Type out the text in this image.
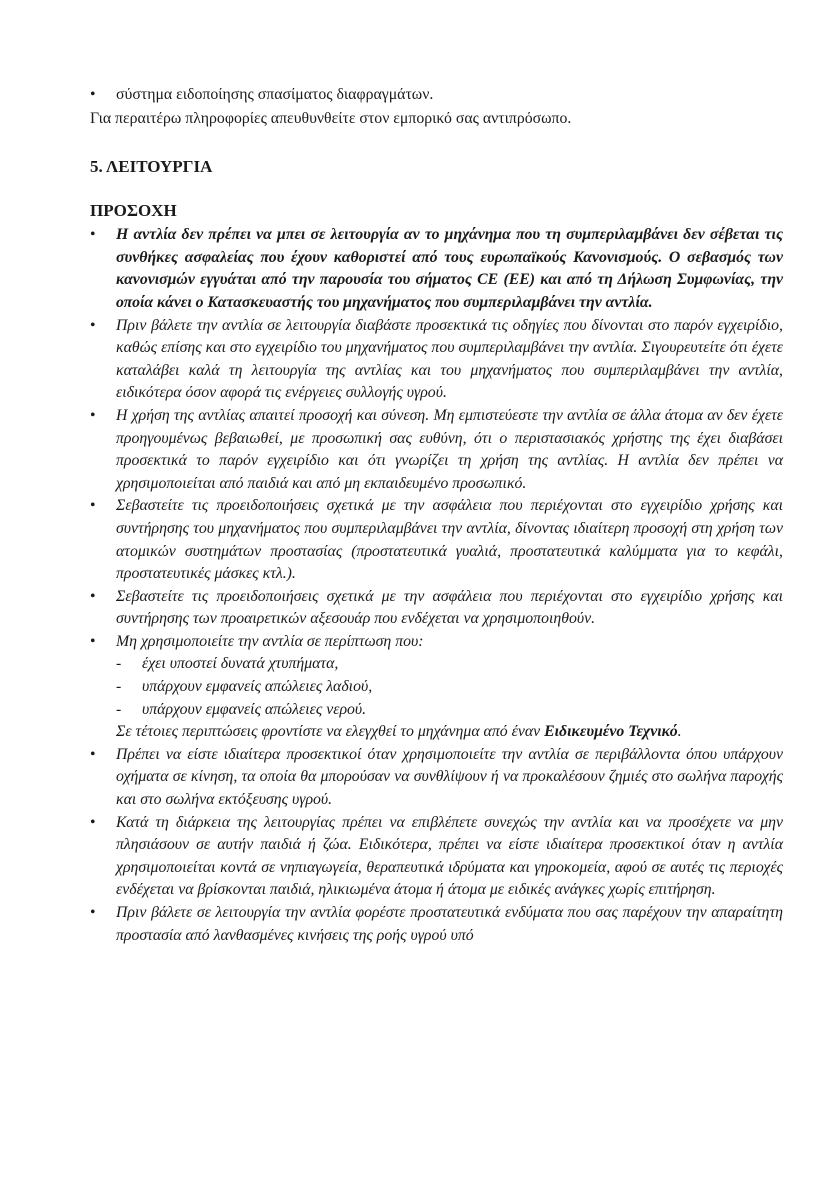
•	σύστημα ειδοποίησης σπασίματος διαφραγμάτων.
Για περαιτέρω πληροφορίες απευθυνθείτε στον εμπορικό σας αντιπρόσωπο.
5. ΛΕΙΤΟΥΡΓΙΑ
ΠΡΟΣΟΧΗ
•	Η αντλία δεν πρέπει να μπει σε λειτουργία αν το μηχάνημα που τη συμπεριλαμβάνει δεν σέβεται τις συνθήκες ασφαλείας που έχουν καθοριστεί από τους ευρωπαϊκούς Κανονισμούς. Ο σεβασμός των κανονισμών εγγυάται από την παρουσία του σήματος CE (ΕΕ) και από τη Δήλωση Συμφωνίας, την οποία κάνει ο Κατασκευαστής του μηχανήματος που συμπεριλαμβάνει την αντλία.
•	Πριν βάλετε την αντλία σε λειτουργία διαβάστε προσεκτικά τις οδηγίες που δίνονται στο παρόν εγχειρίδιο, καθώς επίσης και στο εγχειρίδιο του μηχανήματος που συμπεριλαμβάνει την αντλία. Σιγουρευτείτε ότι έχετε καταλάβει καλά τη λειτουργία της αντλίας και του μηχανήματος που συμπεριλαμβάνει την αντλία, ειδικότερα όσον αφορά τις ενέργειες συλλογής υγρού.
•	Η χρήση της αντλίας απαιτεί προσοχή και σύνεση. Μη εμπιστεύεστε την αντλία σε άλλα άτομα αν δεν έχετε προηγουμένως βεβαιωθεί, με προσωπική σας ευθύνη, ότι ο περιστασιακός χρήστης της έχει διαβάσει προσεκτικά το παρόν εγχειρίδιο και ότι γνωρίζει τη χρήση της αντλίας. Η αντλία δεν πρέπει να χρησιμοποιείται από παιδιά και από μη εκπαιδευμένο προσωπικό.
•	Σεβαστείτε τις προειδοποιήσεις σχετικά με την ασφάλεια που περιέχονται στο εγχειρίδιο χρήσης και συντήρησης του μηχανήματος που συμπεριλαμβάνει την αντλία, δίνοντας ιδιαίτερη προσοχή στη χρήση των ατομικών συστημάτων προστασίας (προστατευτικά γυαλιά, προστατευτικά καλύμματα για το κεφάλι, προστατευτικές μάσκες κτλ.).
•	Σεβαστείτε τις προειδοποιήσεις σχετικά με την ασφάλεια που περιέχονται στο εγχειρίδιο χρήσης και συντήρησης των προαιρετικών αξεσουάρ που ενδέχεται να χρησιμοποιηθούν.
•	Μη χρησιμοποιείτε την αντλία σε περίπτωση που:
-	έχει υποστεί δυνατά χτυπήματα,
-	υπάρχουν εμφανείς απώλειες λαδιού,
-	υπάρχουν εμφανείς απώλειες νερού.
Σε τέτοιες περιπτώσεις φροντίστε να ελεγχθεί το μηχάνημα από έναν Ειδικευμένο Τεχνικό.
•	Πρέπει να είστε ιδιαίτερα προσεκτικοί όταν χρησιμοποιείτε την αντλία σε περιβάλλοντα όπου υπάρχουν οχήματα σε κίνηση, τα οποία θα μπορούσαν να συνθλίψουν ή να προκαλέσουν ζημιές στο σωλήνα παροχής και στο σωλήνα εκτόξευσης υγρού.
•	Κατά τη διάρκεια της λειτουργίας πρέπει να επιβλέπετε συνεχώς την αντλία και να προσέχετε να μην πλησιάσουν σε αυτήν παιδιά ή ζώα. Ειδικότερα, πρέπει να είστε ιδιαίτερα προσεκτικοί όταν η αντλία χρησιμοποιείται κοντά σε νηπιαγωγεία, θεραπευτικά ιδρύματα και γηροκομεία, αφού σε αυτές τις περιοχές ενδέχεται να βρίσκονται παιδιά, ηλικιωμένα άτομα ή άτομα με ειδικές ανάγκες χωρίς επιτήρηση.
•	Πριν βάλετε σε λειτουργία την αντλία φορέστε προστατευτικά ενδύματα που σας παρέχουν την απαραίτητη προστασία από λανθασμένες κινήσεις της ροής υγρού υπό
